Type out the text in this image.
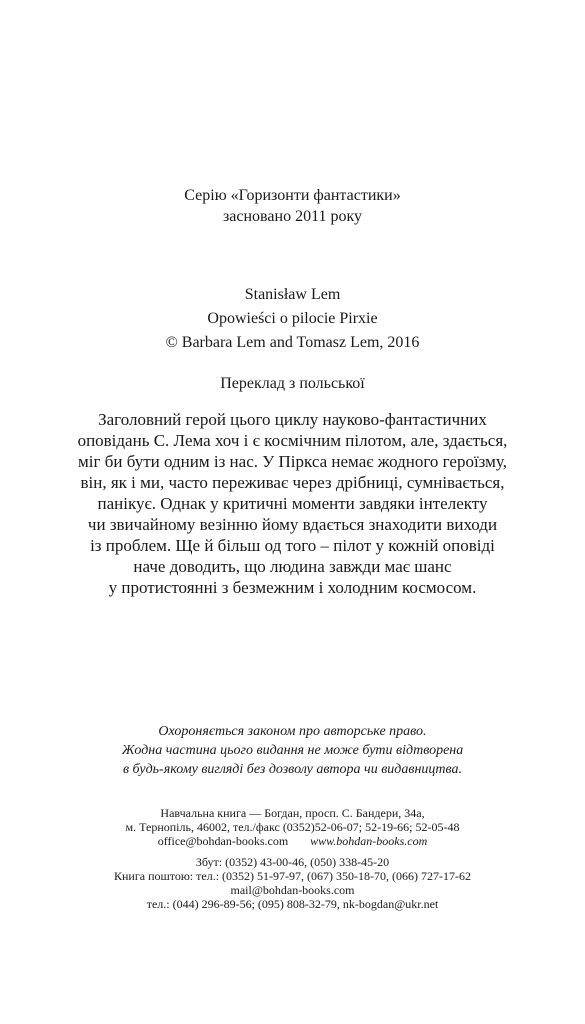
Серію «Горизонти фантастики»
засновано 2011 року
Stanisław Lem
Opowieści o pilocie Pirxie
© Barbara Lem and Tomasz Lem, 2016
Переклад з польської
Заголовний герой цього циклу науково-фантастичних
оповідань С. Лема хоч і є космічним пілотом, але, здається,
міг би бути одним із нас. У Піркса немає жодного героїзму,
він, як і ми, часто переживає через дрібниці, сумнівається,
панікує. Однак у критичні моменти завдяки інтелекту
чи звичайному везінню йому вдається знаходити виходи
із проблем. Ще й більш од того – пілот у кожній оповіді
наче доводить, що людина завжди має шанс
у протистоянні з безмежним і холодним космосом.
Охороняється законом про авторське право.
Жодна частина цього видання не може бути відтворена
в будь-якому вигляді без дозволу автора чи видавництва.
Навчальна книга — Богдан, просп. С. Бандери, 34а,
м. Тернопіль, 46002, тел./факс (0352)52-06-07; 52-19-66; 52-05-48
office@bohdan-books.com www.bohdan-books.com
Збут: (0352) 43-00-46, (050) 338-45-20
Книга поштою: тел.: (0352) 51-97-97, (067) 350-18-70, (066) 727-17-62
mail@bohdan-books.com
тел.: (044) 296-89-56; (095) 808-32-79, nk-bogdan@ukr.net
